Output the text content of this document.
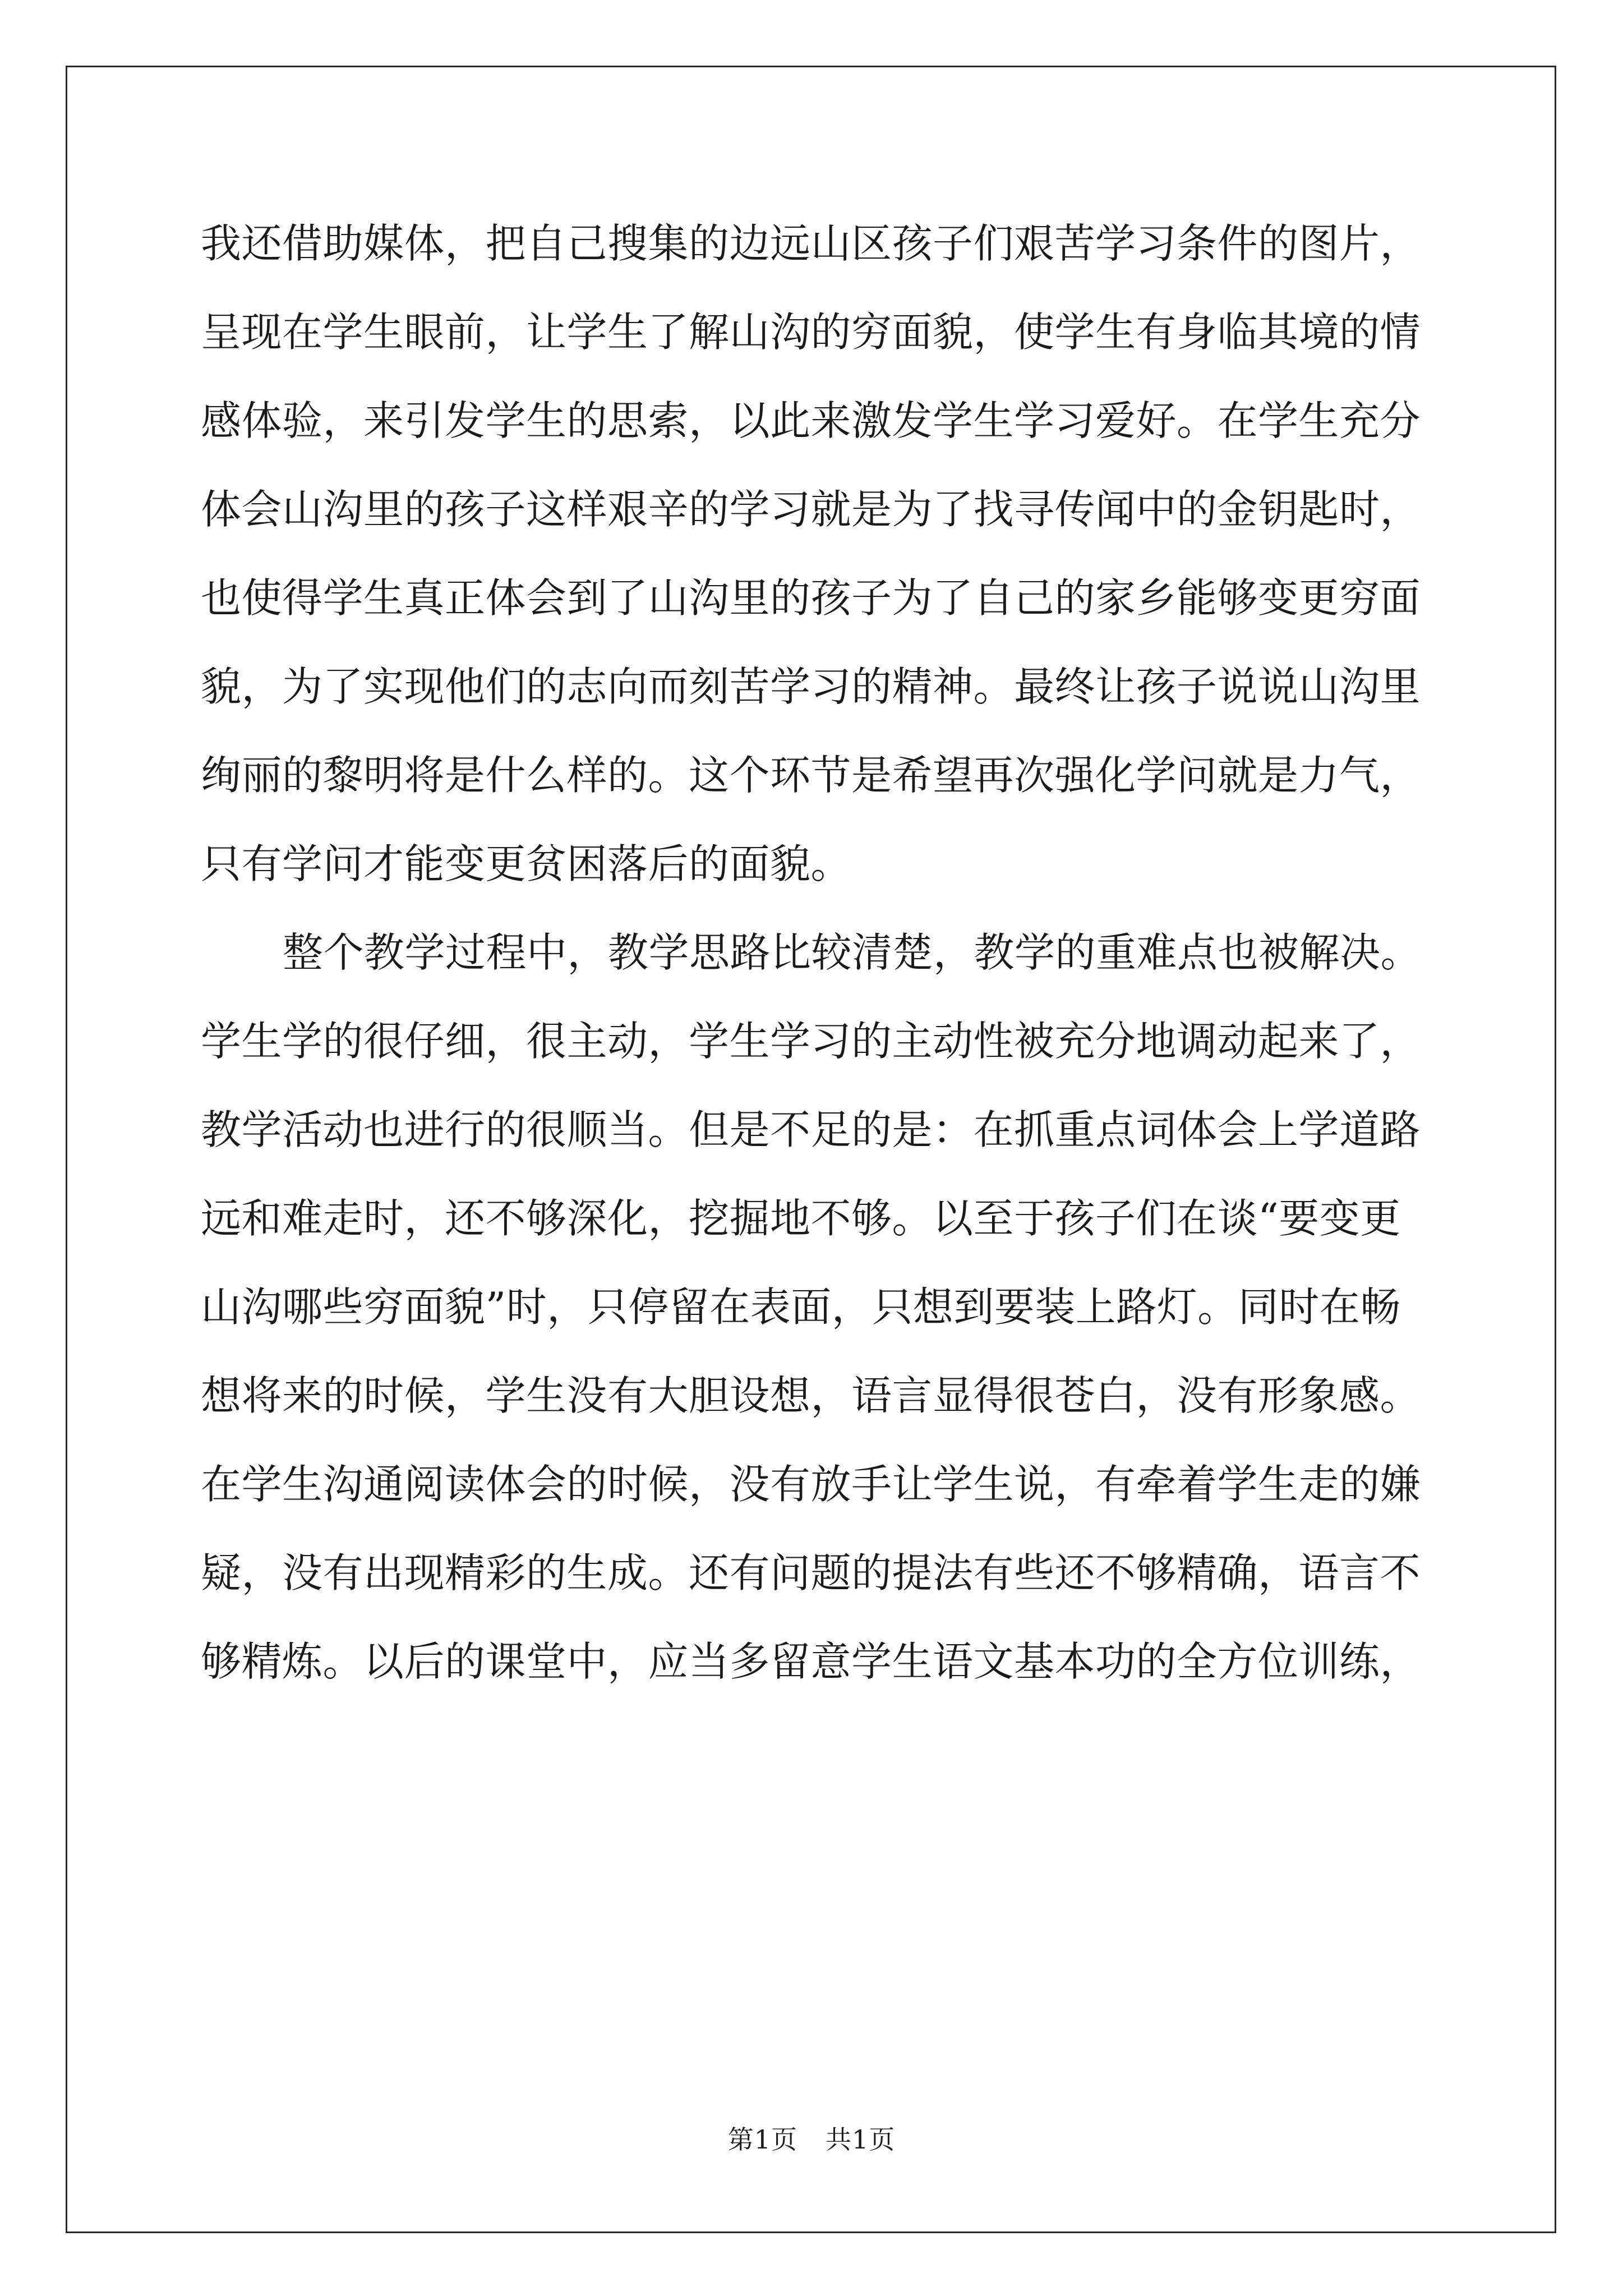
我还借助媒体，把自己搜集的边远山区孩子们艰苦学习条件的图片，
呈现在学生眼前，让学生了解山沟的穷面貌，使学生有身临其境的情
感体验，来引发学生的思索，以此来激发学生学习爱好。在学生充分
体会山沟里的孩子这样艰辛的学习就是为了找寻传闻中的金钥匙时，
也使得学生真正体会到了山沟里的孩子为了自己的家乡能够变更穷面
貌，为了实现他们的志向而刻苦学习的精神。最终让孩子说说山沟里
绚丽的黎明将是什么样的。这个环节是希望再次强化学问就是力气，
只有学问才能变更贫困落后的面貌。
整个教学过程中，教学思路比较清楚，教学的重难点也被解决。
学生学的很仔细，很主动，学生学习的主动性被充分地调动起来了，
教学活动也进行的很顺当。但是不足的是：在抓重点词体会上学道路
远和难走时，还不够深化，挖掘地不够。以至于孩子们在谈“要变更
山沟哪些穷面貌”时，只停留在表面，只想到要装上路灯。同时在畅
想将来的时候，学生没有大胆设想，语言显得很苍白，没有形象感。
在学生沟通阅读体会的时候，没有放手让学生说，有牵着学生走的嫌
疑，没有出现精彩的生成。还有问题的提法有些还不够精确，语言不
够精炼。以后的课堂中，应当多留意学生语文基本功的全方位训练，
第1页 共1页
